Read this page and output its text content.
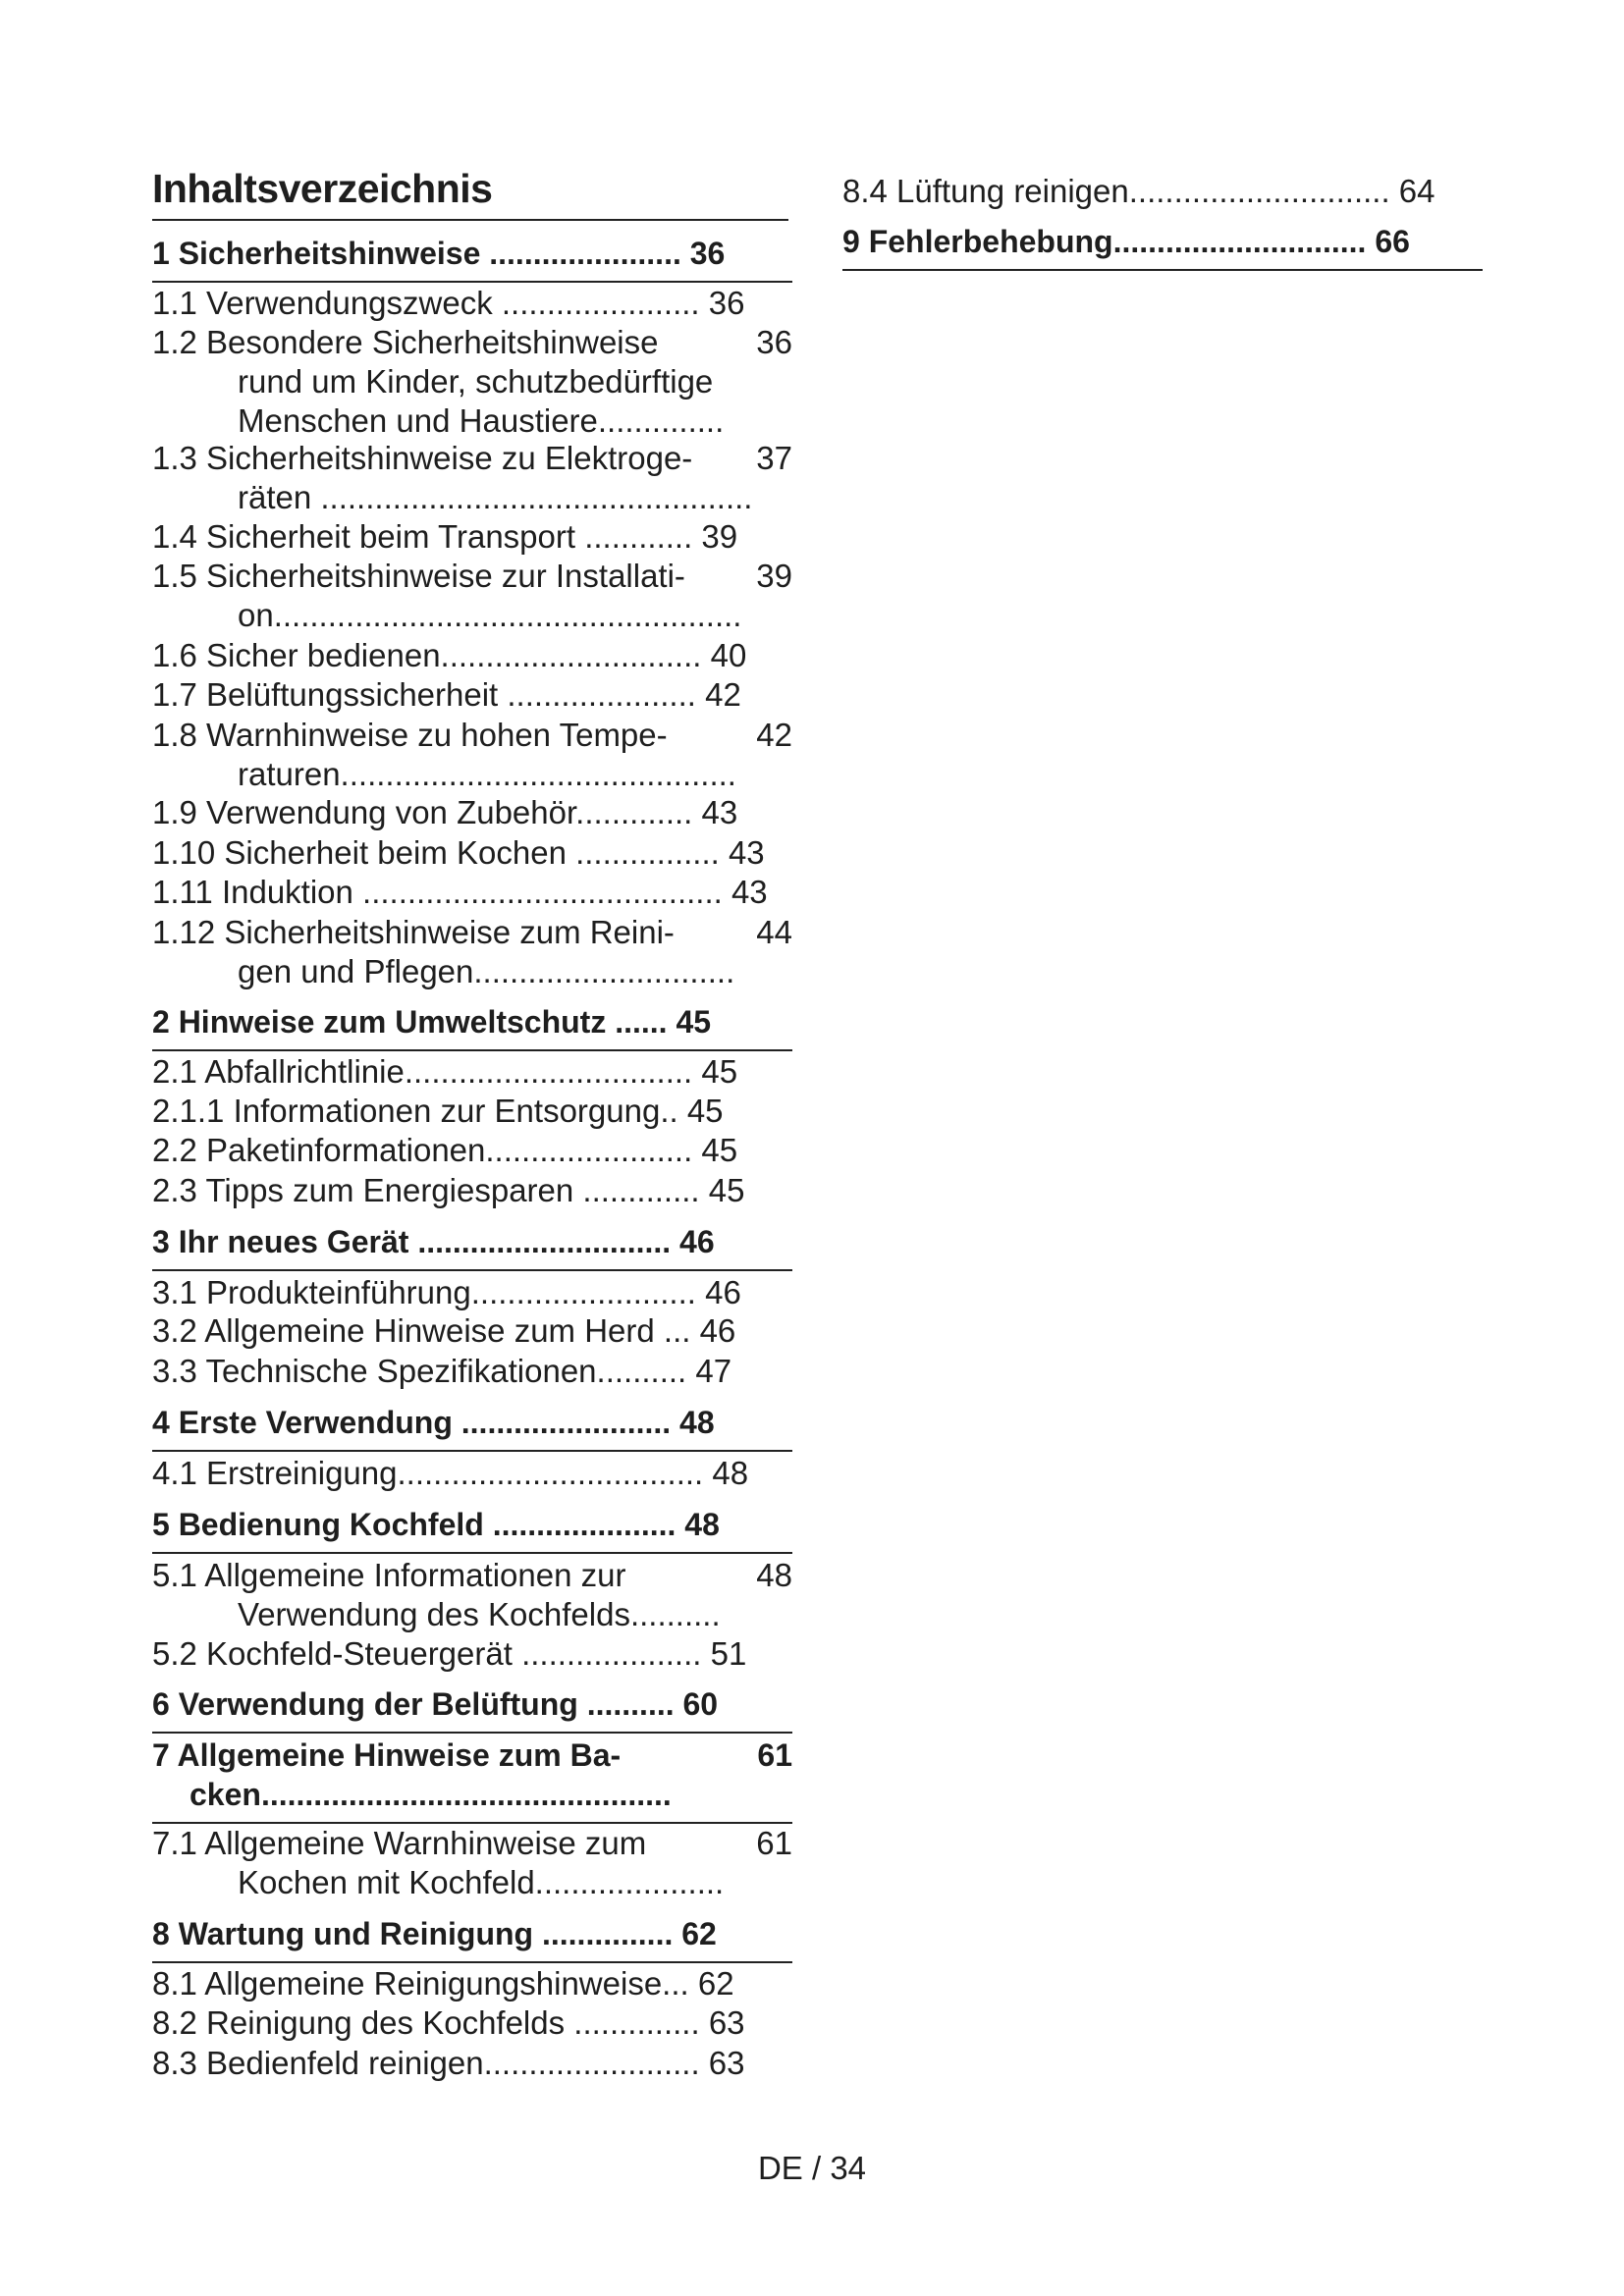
Inhaltsverzeichnis
1 Sicherheitshinweise ...................... 36
1.1 Verwendungszweck ...................... 36
1.2 Besondere Sicherheitshinweise
rund um Kinder, schutzbedürftige
Menschen und Haustiere..............
36
1.3 Sicherheitshinweise zu Elektroge-
räten ................................................
37
1.4 Sicherheit beim Transport ............ 39
1.5 Sicherheitshinweise zur Installati-
on....................................................
39
1.6 Sicher bedienen............................. 40
1.7 Belüftungssicherheit ..................... 42
1.8 Warnhinweise zu hohen Tempe-
raturen............................................
42
1.9 Verwendung von Zubehör............. 43
1.10 Sicherheit beim Kochen ................ 43
1.11 Induktion ........................................ 43
1.12 Sicherheitshinweise zum Reini-
gen und Pflegen.............................
44
2 Hinweise zum Umweltschutz ...... 45
2.1 Abfallrichtlinie................................ 45
2.1.1 Informationen zur Entsorgung.. 45
2.2 Paketinformationen....................... 45
2.3 Tipps zum Energiesparen ............. 45
3 Ihr neues Gerät ............................. 46
3.1 Produkteinführung......................... 46
3.2 Allgemeine Hinweise zum Herd ... 46
3.3 Technische Spezifikationen.......... 47
4 Erste Verwendung ........................ 48
4.1 Erstreinigung.................................. 48
5 Bedienung Kochfeld ..................... 48
5.1 Allgemeine Informationen zur
Verwendung des Kochfelds..........
48
5.2 Kochfeld-Steuergerät .................... 51
6 Verwendung der Belüftung .......... 60
7 Allgemeine Hinweise zum Ba-
cken...............................................
61
7.1 Allgemeine Warnhinweise zum
Kochen mit Kochfeld.....................
61
8 Wartung und Reinigung ............... 62
8.1 Allgemeine Reinigungshinweise... 62
8.2 Reinigung des Kochfelds .............. 63
8.3 Bedienfeld reinigen........................ 63
8.4 Lüftung reinigen............................. 64
9 Fehlerbehebung............................. 66
DE / 34
